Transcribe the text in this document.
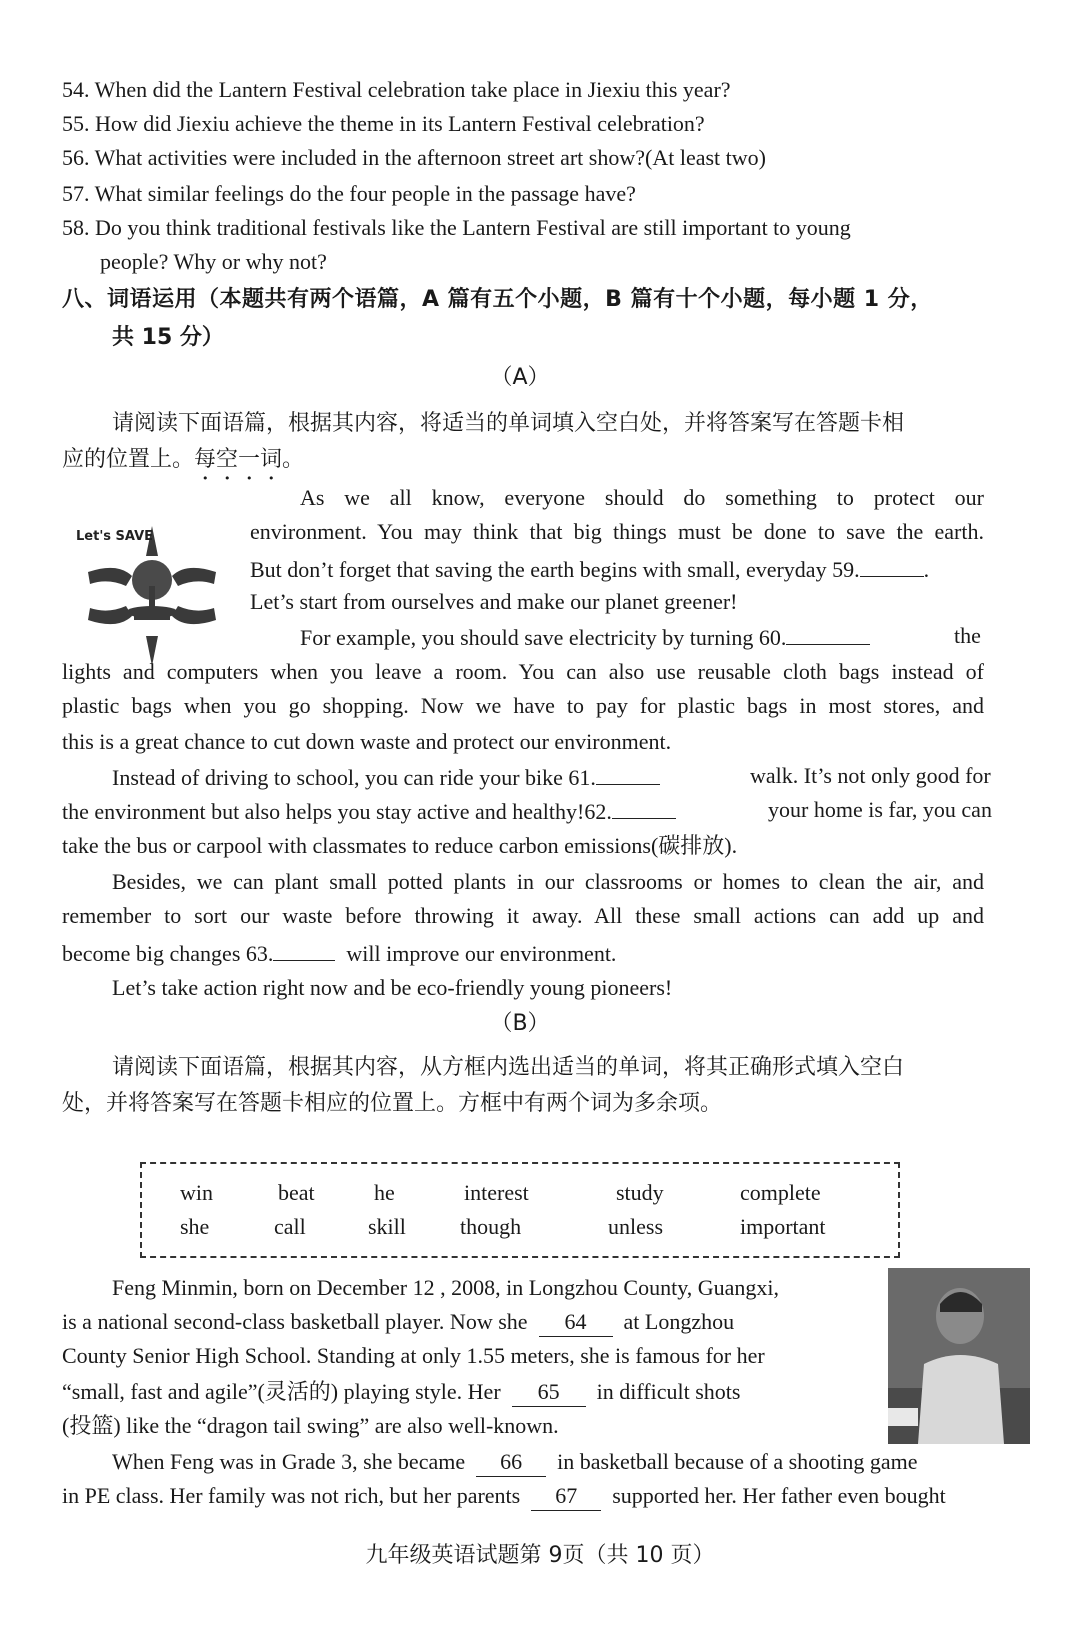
54. When did the Lantern Festival celebration take place in Jiexiu this year?
55. How did Jiexiu achieve the theme in its Lantern Festival celebration?
56. What activities were included in the afternoon street art show?(At least two)
57. What similar feelings do the four people in the passage have?
58. Do you think traditional festivals like the Lantern Festival are still important to young
people? Why or why not?
八、词语运用（本题共有两个语篇，A 篇有五个小题，B 篇有十个小题，每小题 1 分，
共 15 分）
（A）
请阅读下面语篇，根据其内容，将适当的单词填入空白处，并将答案写在答题卡相
应的位置上。每空一词。
Let's SAVE
As we all know, everyone should do something to protect our
environment. You may think that big things must be done to save the earth.
But don’t forget that saving the earth begins with small, everyday 59.	.
Let’s start from ourselves and make our planet greener!
For example, you should save electricity by turning 60.	the
lights and computers when you leave a room. You can also use reusable cloth bags instead of
plastic bags when you go shopping. Now we have to pay for plastic bags in most stores, and
this is a great chance to cut down waste and protect our environment.
Instead of driving to school, you can ride your bike 61.	walk. It’s not only good for
the environment but also helps you stay active and healthy!62.	your home is far, you can
take the bus or carpool with classmates to reduce carbon emissions(碳排放).
Besides, we can plant small potted plants in our classrooms or homes to clean the air, and
remember to sort our waste before throwing it away. All these small actions can add up and
become big changes 63.	will improve our environment.
Let’s take action right now and be eco-friendly young pioneers!
（B）
请阅读下面语篇，根据其内容，从方框内选出适当的单词，将其正确形式填入空白
处，并将答案写在答题卡相应的位置上。方框中有两个词为多余项。
win	beat	he	interest	study	complete
she	call	skill though	unless	important
Feng Minmin, born on December 12 , 2008, in Longzhou County, Guangxi,
is a national second-class basketball player. Now she 64 at Longzhou
County Senior High School. Standing at only 1.55 meters, she is famous for her
“small, fast and agile”(灵活的) playing style. Her 65 in difficult shots
(投篮) like the “dragon tail swing” are also well-known.
When Feng was in Grade 3, she became 66 in basketball because of a shooting game
in PE class. Her family was not rich, but her parents 67 supported her. Her father even bought
九年级英语试题第 9页（共 10 页）
